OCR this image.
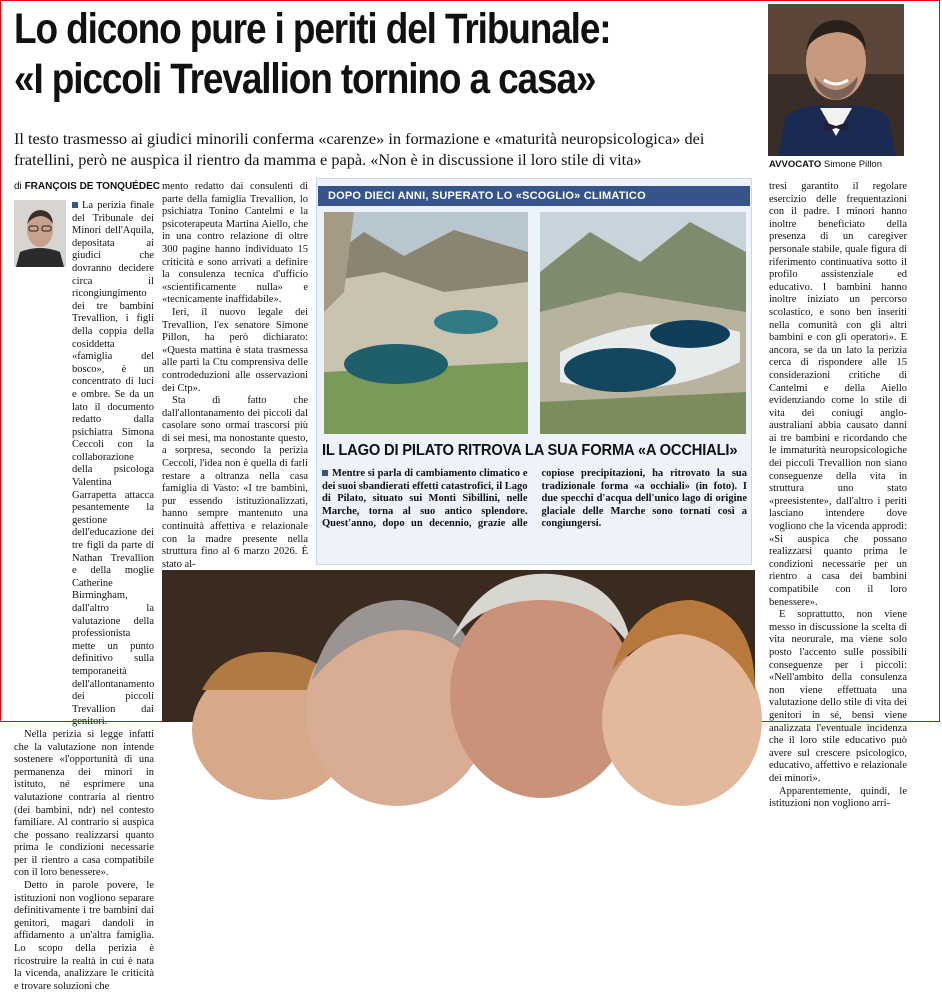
Lo dicono pure i periti del Tribunale:
«I piccoli Trevallion tornino a casa»

Il testo trasmesso ai giudici minorili conferma «carenze» in formazione e «maturità neuropsicologica» dei fratellini, però ne auspica il rientro da mamma e papà. «Non è in discussione il loro stile di vita»	AVVOCATO Simone Pillon
di FRANÇOIS DE TONQUÉDEC

La perizia finale del Tribunale dei Minori dell'Aquila, depositata ai giudici che dovranno decidere circa il ricongiungimento dei tre bambini Trevallion, i figli della coppia della cosiddetta «famiglia del bosco», è un concentrato di luci e ombre. Se da un lato il documento redatto dalla psichiatra Simona Ceccoli con la collaborazione della psicologa Valentina Garrapetta attacca pesantemente la gestione dell'educazione dei tre figli da parte di Nathan Trevallion e della moglie Catherine Birmingham, dall'altro la valutazione della professionista mette un punto definitivo sulla temporaneità dell'allontanamento dei piccoli Trevallion dai genitori.

Nella perizia si legge infatti che la valutazione non intende sostenere «l'opportunità di una permanenza dei minori in istituto, né esprimere una valutazione contraria al rientro (dei bambini, ndr) nel contesto familiare. Al contrario si auspica che possano realizzarsi quanto prima le condizioni necessarie per il rientro a casa compatibile con il loro benessere».

Detto in parole povere, le istituzioni non vogliono separare definitivamente i tre bambini dai genitori, magari dandoli in affidamento a un'altra famiglia. Lo scopo della perizia è ricostruire la realtà in cui è nata la vicenda, analizzare le criticità e trovare soluzioni che

mento redatto dai consulenti di parte della famiglia Trevallion, lo psichiatra Tonino Cantelmi e la psicoterapeuta Martina Aiello, che in una contro relazione di oltre 300 pagine hanno individuato 15 criticità e sono arrivati a definire la consulenza tecnica d'ufficio «scientificamente nulla» e «tecnicamente inaffidabile».

Ieri, il nuovo legale dei Trevallion, l'ex senatore Simone Pillon, ha però dichiarato: «Questa mattina è stata trasmessa alle parti la Ctu comprensiva delle controdeduzioni alle osservazioni dei Ctp».

Sta di fatto che dall'allontanamento dei piccoli dal casolare sono ormai trascorsi più di sei mesi, ma nonostante questo, a sorpresa, secondo la perizia Ceccoli, l'idea non è quella di farli restare a oltranza nella casa famiglia di Vasto: «I tre bambini, pur essendo istituzionalizzati, hanno sempre mantenuto una continuità affettiva e relazionale con la madre presente nella struttura fino al 6 marzo 2026. È stato al-

tresi garantito il regolare esercizio delle frequentazioni con il padre. I minori hanno inoltre beneficiato della presenza di un caregiver personale stabile, quale figura di riferimento continuativa sotto il profilo assistenziale ed educativo. I bambini hanno inoltre iniziato un percorso scolastico, e sono ben inseriti nella comunità con gli altri bambini e con gli operatori». E ancora, se da un lato la perizia cerca di rispondere alle 15 considerazioni critiche di Cantelmi e della Aiello evidenziando come lo stile di vita dei coniugi anglo-australiani abbia causato danni ai tre bambini e ricordando che le immaturità neuropsicologiche dei piccoli Trevallion non siano conseguenze della vita in struttura uno stato «preesistente», dall'altro i periti lasciano intendere dove vogliono che la vicenda approdi: «Si auspica che possano realizzarsi quanto prima le condizioni necessarie per un rientro a casa dei bambini compatibile con il loro benessere».

E soprattutto, non viene messo in discussione la scelta di vita neorurale, ma viene solo posto l'accento sulle possibili conseguenze per i piccoli: «Nell'ambito della consulenza non viene effettuata una valutazione dello stile di vita dei genitori in sé, bensì viene analizzata l'eventuale incidenza che il loro stile educativo può avere sul crescere psicologico, educativo, affettivo e relazionale dei minori».

Apparentemente, quindi, le istituzioni non vogliono arri-

DOPO DIECI ANNI, SUPERATO LO «SCOGLIO» CLIMATICO
IL LAGO DI PILATO RITROVA LA SUA FORMA «A OCCHIALI»
Mentre si parla di cambiamento climatico e dei suoi sbandierati effetti catastrofici, il Lago di Pilato, situato sui Monti Sibillini, nelle Marche, torna al suo antico splendore. Quest'anno, dopo un decennio, grazie alle copiose precipitazioni, ha ritrovato la sua tradizionale forma «a occhiali» (in foto). I due specchi d'acqua dell'unico lago di origine glaciale delle Marche sono tornati così a congiungersi.
